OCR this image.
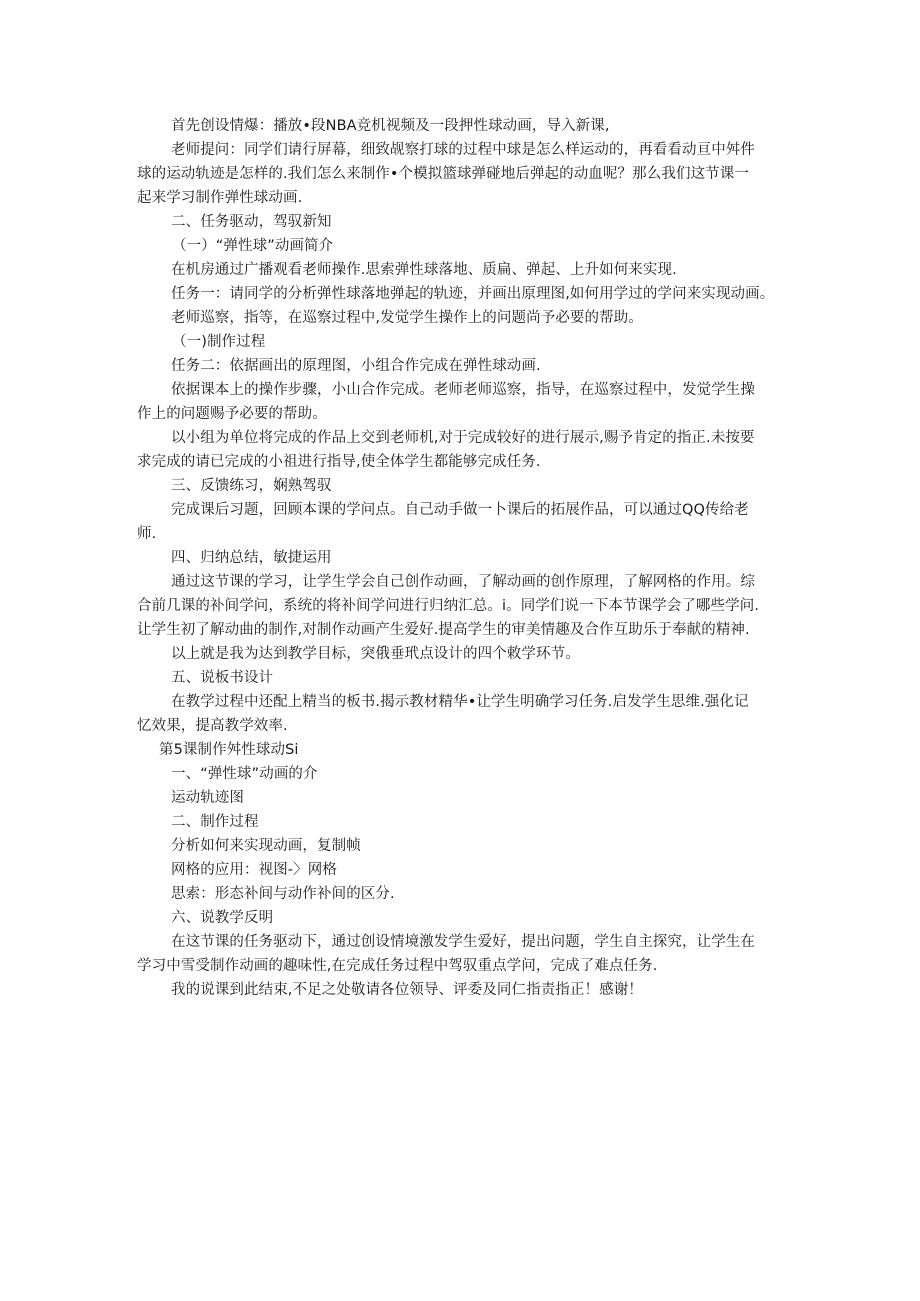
首先创设情爆：播放•段NBA竞机视频及一段押性球动画，导入新课,
老师提问：同学们请行屏幕，细致觇察打球的过程中球是怎么样运动的，再看看动亘中舛件
球的运动轨迹是怎样的.我们怎么来制作•个模拟篮球弹碰地后弹起的动血呢？那么我们这节课一
起来学习制作弹性球动画.
二、任务驱动，驾驭新知
（一）“弹性球”动画简介
在机房通过广播观看老师操作.思索弹性球落地、质扁、弹起、上升如何来实现.
任务一：请同学的分析弹性球落地弹起的轨迹，并画出原理图,如何用学过的学问来实现动画。
老师巡察，指等，在巡察过程中,发觉学生操作上的问题尚予必要的帮助。
（一)制作过程
任务二：依据画出的原理图，小组合作完成在弹性球动画.
依据课本上的操作步骤，小山合作完成。老师老师巡察，指导，在巡察过程中，发觉学生操
作上的问题赐予必要的帮助。
以小组为单位将完成的作品上交到老师机,对于完成较好的进行展示,赐予肯定的指正.未按要
求完成的请已完成的小祖进行指导,使全体学生都能够完成任务.
三、反馈练习，娴熟驾驭
完成课后习题，回顾本课的学问点。自己动手做一卜课后的拓展作品，可以通过QQ传给老
师.
四、归纳总结，敏捷运用
通过这节课的学习，让学生学会自己创作动画，了解动画的创作原理，了解网格的作用。综
合前几课的补间学问，系统的将补间学问进行归纳汇总。i。同学们说一下本节课学会了哪些学问.
让学生初了解动曲的制作,对制作动画产生爱好.提高学生的审美情趣及合作互助乐于奉献的精神.
以上就是我为达到教学目标，突俄垂玳点设计的四个敕学环节。
五、说板书设计
在教学过程中还配上精当的板书.揭示教材精华•让学生明确学习任务.启发学生思维.强化记
忆效果，提高教学效率.
第5课制作舛性球动Si
一、“弹性球”动画的介
运动轨迹图
二、制作过程
分析如何来实现动画，复制帧
网格的应用：视图-〉网格
思索：形态补间与动作补间的区分.
六、说教学反明
在这节课的任务驱动下，通过创设情境激发学生爱好，提出问题，学生自主探究，让学生在
学习中雪受制作动画的趣味性,在完成任务过程中驾驭重点学问，完成了难点任务.
我的说课到此结束,不足之处敬请各位领导、评委及同仁指责指正！感谢！
